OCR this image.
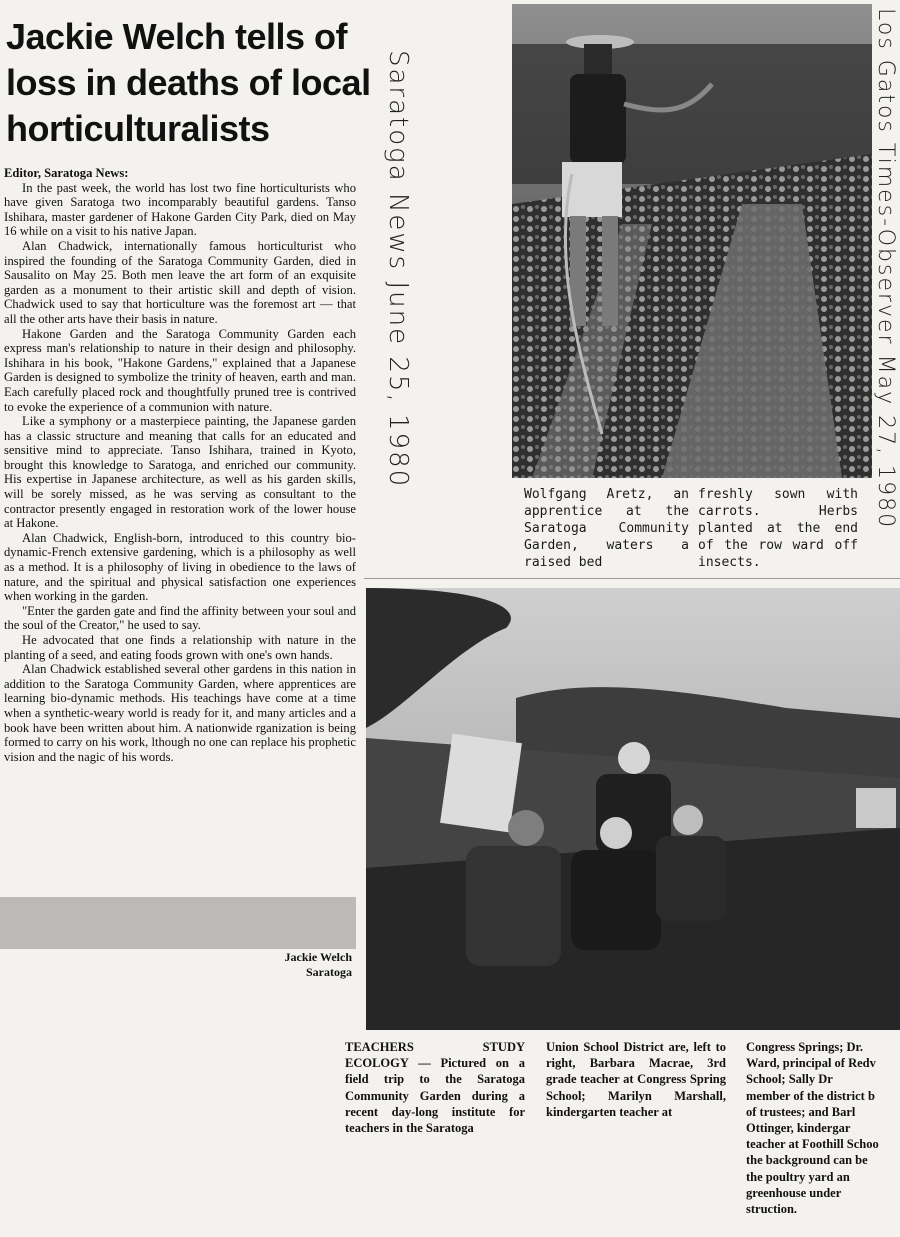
Jackie Welch tells of loss in deaths of local horticulturalists

Editor, Saratoga News:

In the past week, the world has lost two fine horticulturists who have given Saratoga two incomparably beautiful gardens. Tanso Ishihara, master gardener of Hakone Garden City Park, died on May 16 while on a visit to his native Japan.

Alan Chadwick, internationally famous horticulturist who inspired the founding of the Saratoga Community Garden, died in Sausalito on May 25. Both men leave the art form of an exquisite garden as a monument to their artistic skill and depth of vision. Chadwick used to say that horticulture was the foremost art — that all the other arts have their basis in nature.

Hakone Garden and the Saratoga Community Garden each express man's relationship to nature in their design and philosophy. Ishihara in his book, "Hakone Gardens," explained that a Japanese Garden is designed to symbolize the trinity of heaven, earth and man. Each carefully placed rock and thoughtfully pruned tree is contrived to evoke the experience of a communion with nature.

Like a symphony or a masterpiece painting, the Japanese garden has a classic structure and meaning that calls for an educated and sensitive mind to appreciate. Tanso Ishihara, trained in Kyoto, brought this knowledge to Saratoga, and enriched our community. His expertise in Japanese architecture, as well as his garden skills, will be sorely missed, as he was serving as consultant to the contractor presently engaged in restoration work of the lower house at Hakone.

Alan Chadwick, English-born, introduced to this country bio-dynamic-French extensive gardening, which is a philosophy as well as a method. It is a philosophy of living in obedience to the laws of nature, and the spiritual and physical satisfaction one experiences when working in the garden.

"Enter the garden gate and find the affinity between your soul and the soul of the Creator," he used to say.

He advocated that one finds a relationship with nature in the planting of a seed, and eating foods grown with one's own hands.

Alan Chadwick established several other gardens in this nation in addition to the Saratoga Community Garden, where apprentices are learning bio-dynamic methods. His teachings have come at a time when a synthetic-weary world is ready for it, and many articles and a book have been written about him. A nationwide rganization is being formed to carry on his work, lthough no one can replace his prophetic vision and the nagic of his words.

Jackie Welch
Saratoga
Saratoga News June 25, 1980	Los Gatos Times-Observer May 27, 1980
Wolfgang Aretz, an apprentice at the Saratoga Community Garden, waters a raised bed
freshly sown with carrots. Herbs planted at the end of the row ward off insects.
TEACHERS STUDY ECOLOGY — Pictured on a field trip to the Saratoga Community Garden during a recent day-long institute for teachers in the Saratoga
Union School District are, left to right, Barbara Macrae, 3rd grade teacher at Congress Spring School; Marilyn Marshall, kindergarten teacher at
Congress Springs; Dr.
Ward, principal of Redv
School; Sally Dr
member of the district b
of trustees; and Barl
Ottinger, kindergar
teacher at Foothill Schoo
the background can be
the poultry yard an
greenhouse under
struction.
